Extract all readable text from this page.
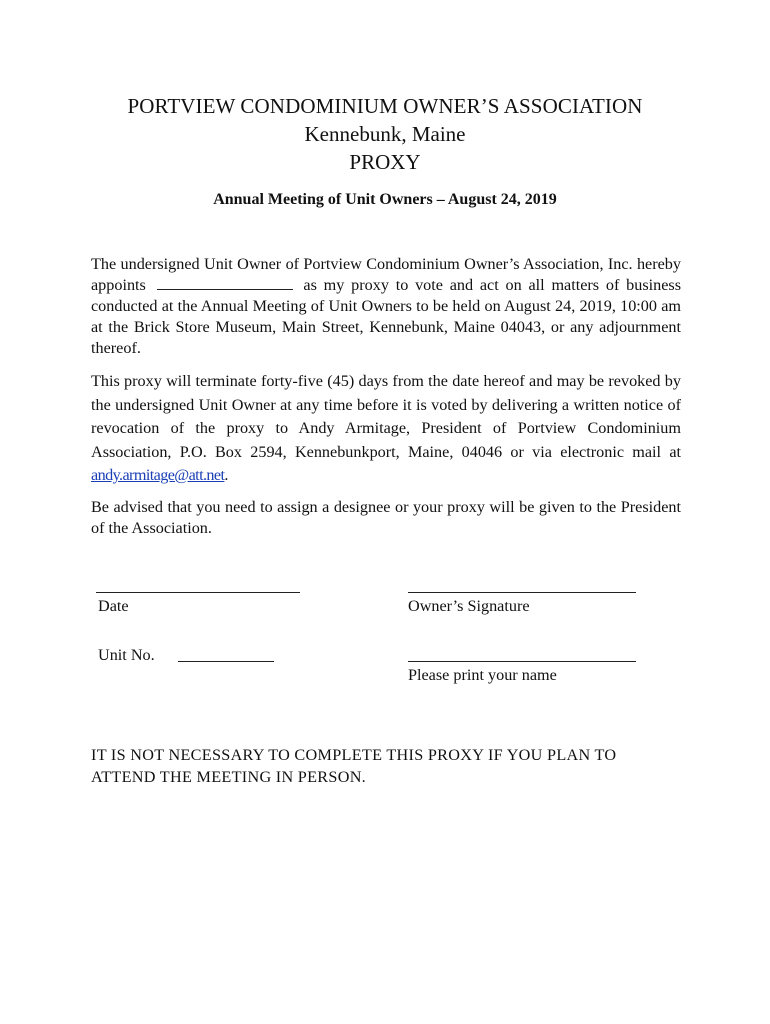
PORTVIEW CONDOMINIUM OWNER’S ASSOCIATION
Kennebunk, Maine
PROXY
Annual Meeting of Unit Owners – August 24, 2019
The undersigned Unit Owner of Portview Condominium Owner’s Association, Inc. hereby appoints	as my proxy to vote and act on all matters of business conducted at the Annual Meeting of Unit Owners to be held on August 24, 2019, 10:00 am at the Brick Store Museum, Main Street, Kennebunk, Maine 04043, or any adjournment thereof.
This proxy will terminate forty-five (45) days from the date hereof and may be revoked by the undersigned Unit Owner at any time before it is voted by delivering a written notice of revocation of the proxy to Andy Armitage, President of Portview Condominium Association, P.O. Box 2594, Kennebunkport, Maine, 04046 or via electronic mail at andy.armitage@att.net.
Be advised that you need to assign a designee or your proxy will be given to the President of the Association.
Date	Owner’s Signature
Unit No.
Please print your name
IT IS NOT NECESSARY TO COMPLETE THIS PROXY IF YOU PLAN TO ATTEND THE MEETING IN PERSON.
